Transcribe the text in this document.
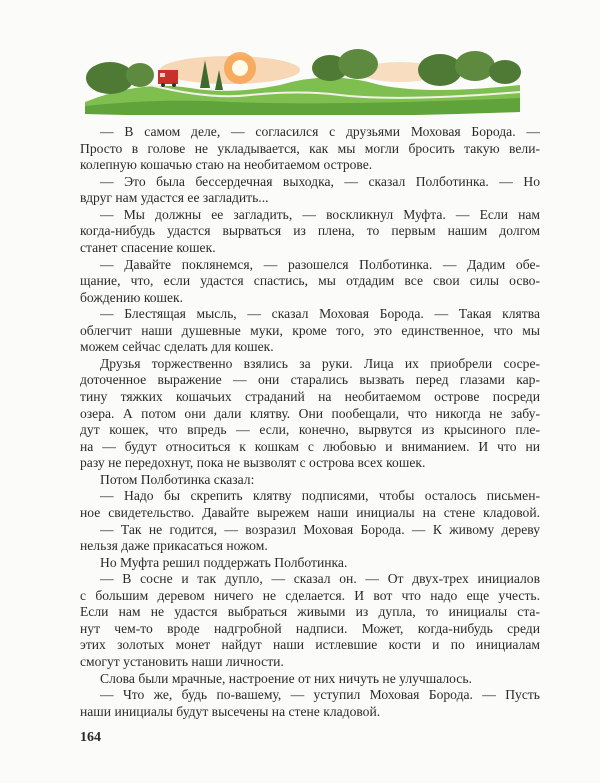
— В самом деле, — согласился с друзьями Моховая Борода. —
Просто в голове не укладывается, как мы могли бросить такую вели-
колепную кошачью стаю на необитаемом острове.
— Это была бессердечная выходка, — сказал Полботинка. — Но
вдруг нам удастся ее загладить...
— Мы должны ее загладить, — воскликнул Муфта. — Если нам
когда-нибудь удастся вырваться из плена, то первым нашим долгом
станет спасение кошек.
— Давайте поклянемся, — разошелся Полботинка. — Дадим обе-
щание, что, если удастся спастись, мы отдадим все свои силы осво-
бождению кошек.
— Блестящая мысль, — сказал Моховая Борода. — Такая клятва
облегчит наши душевные муки, кроме того, это единственное, что мы
можем сейчас сделать для кошек.
Друзья торжественно взялись за руки. Лица их приобрели сосре-
доточенное выражение — они старались вызвать перед глазами кар-
тину тяжких кошачьих страданий на необитаемом острове посреди
озера. А потом они дали клятву. Они пообещали, что никогда не забу-
дут кошек, что впредь — если, конечно, вырвутся из крысиного пле-
на — будут относиться к кошкам с любовью и вниманием. И что ни
разу не передохнут, пока не вызволят с острова всех кошек.
Потом Полботинка сказал:
— Надо бы скрепить клятву подписями, чтобы осталось письмен-
ное свидетельство. Давайте вырежем наши инициалы на стене кладовой.
— Так не годится, — возразил Моховая Борода. — К живому дереву
нельзя даже прикасаться ножом.
Но Муфта решил поддержать Полботинка.
— В сосне и так дупло, — сказал он. — От двух-трех инициалов
с большим деревом ничего не сделается. И вот что надо еще учесть.
Если нам не удастся выбраться живыми из дупла, то инициалы ста-
нут чем-то вроде надгробной надписи. Может, когда-нибудь среди
этих золотых монет найдут наши истлевшие кости и по инициалам
смогут установить наши личности.
Слова были мрачные, настроение от них ничуть не улучшалось.
— Что же, будь по-вашему, — уступил Моховая Борода. — Пусть
наши инициалы будут высечены на стене кладовой.
164
